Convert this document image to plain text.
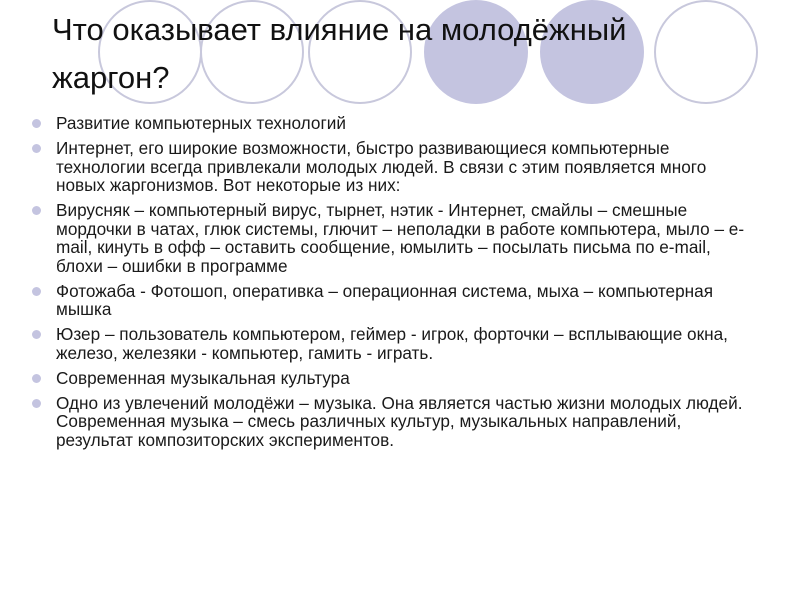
Что оказывает влияние на молодёжный жаргон?
Развитие компьютерных технологий
Интернет, его широкие возможности, быстро развивающиеся компьютерные технологии всегда привлекали молодых людей. В связи с этим появляется много новых жаргонизмов. Вот некоторые из них:
Вирусняк – компьютерный вирус, тырнет, нэтик - Интернет, смайлы – смешные мордочки в чатах, глюк системы, глючит – неполадки в работе компьютера, мыло – e-mail, кинуть в офф – оставить сообщение, юмылить – посылать письма по e-mail, блохи – ошибки в программе
Фотожаба - Фотошоп, оперативка – операционная система, мыха – компьютерная мышка
Юзер – пользователь компьютером, геймер - игрок, форточки – всплывающие окна, железо, железяки - компьютер, гамить - играть.
Современная музыкальная культура
Одно из увлечений молодёжи – музыка. Она является частью жизни молодых людей. Современная музыка – смесь различных культур, музыкальных направлений, результат композиторских экспериментов.
